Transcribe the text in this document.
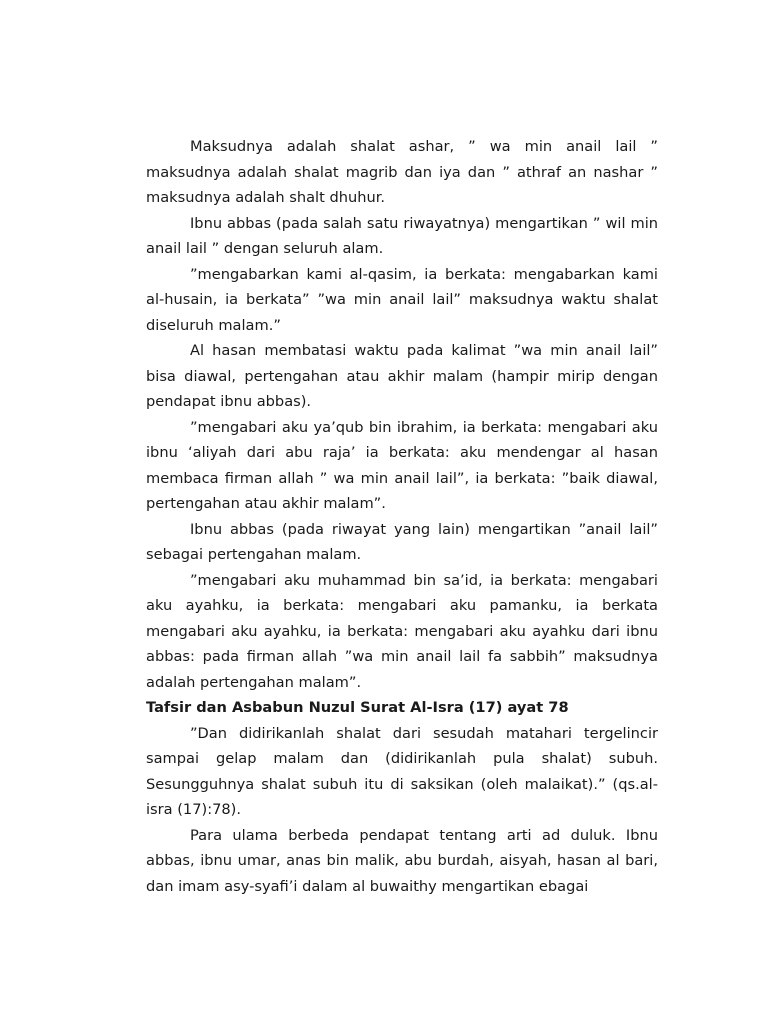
Maksudnya adalah shalat ashar, ” wa min anail lail ” maksudnya adalah shalat magrib dan iya dan ” athraf an nashar ” maksudnya adalah shalt dhuhur.

Ibnu abbas (pada salah satu riwayatnya) mengartikan ” wil min anail lail ” dengan seluruh alam.

”mengabarkan kami al-qasim, ia berkata: mengabarkan kami al-husain, ia berkata” ”wa min anail lail” maksudnya waktu shalat diseluruh malam.”

Al hasan membatasi waktu pada kalimat ”wa min anail lail” bisa diawal, pertengahan atau akhir malam (hampir mirip dengan pendapat ibnu abbas).

”mengabari aku ya’qub bin ibrahim, ia berkata: mengabari aku ibnu ‘aliyah dari abu raja’ ia berkata: aku mendengar al hasan membaca firman allah ” wa min anail lail”, ia berkata: ”baik diawal, pertengahan atau akhir malam”.

Ibnu abbas (pada riwayat yang lain) mengartikan ”anail lail” sebagai pertengahan malam.

”mengabari aku muhammad bin sa’id, ia berkata: mengabari aku ayahku, ia berkata: mengabari aku pamanku, ia berkata mengabari aku ayahku, ia berkata: mengabari aku ayahku dari ibnu abbas: pada firman allah ”wa min anail lail fa sabbih” maksudnya adalah pertengahan malam”.

Tafsir dan Asbabun Nuzul Surat Al-Isra (17) ayat 78

”Dan didirikanlah shalat dari sesudah matahari tergelincir sampai gelap malam dan (didirikanlah pula shalat) subuh. Sesungguhnya shalat subuh itu di saksikan (oleh malaikat).” (qs.al-isra (17):78).

Para ulama berbeda pendapat tentang arti ad duluk. Ibnu abbas, ibnu umar, anas bin malik, abu burdah, aisyah, hasan al bari, dan imam asy-syafi’i dalam al buwaithy mengartikan ebagai
